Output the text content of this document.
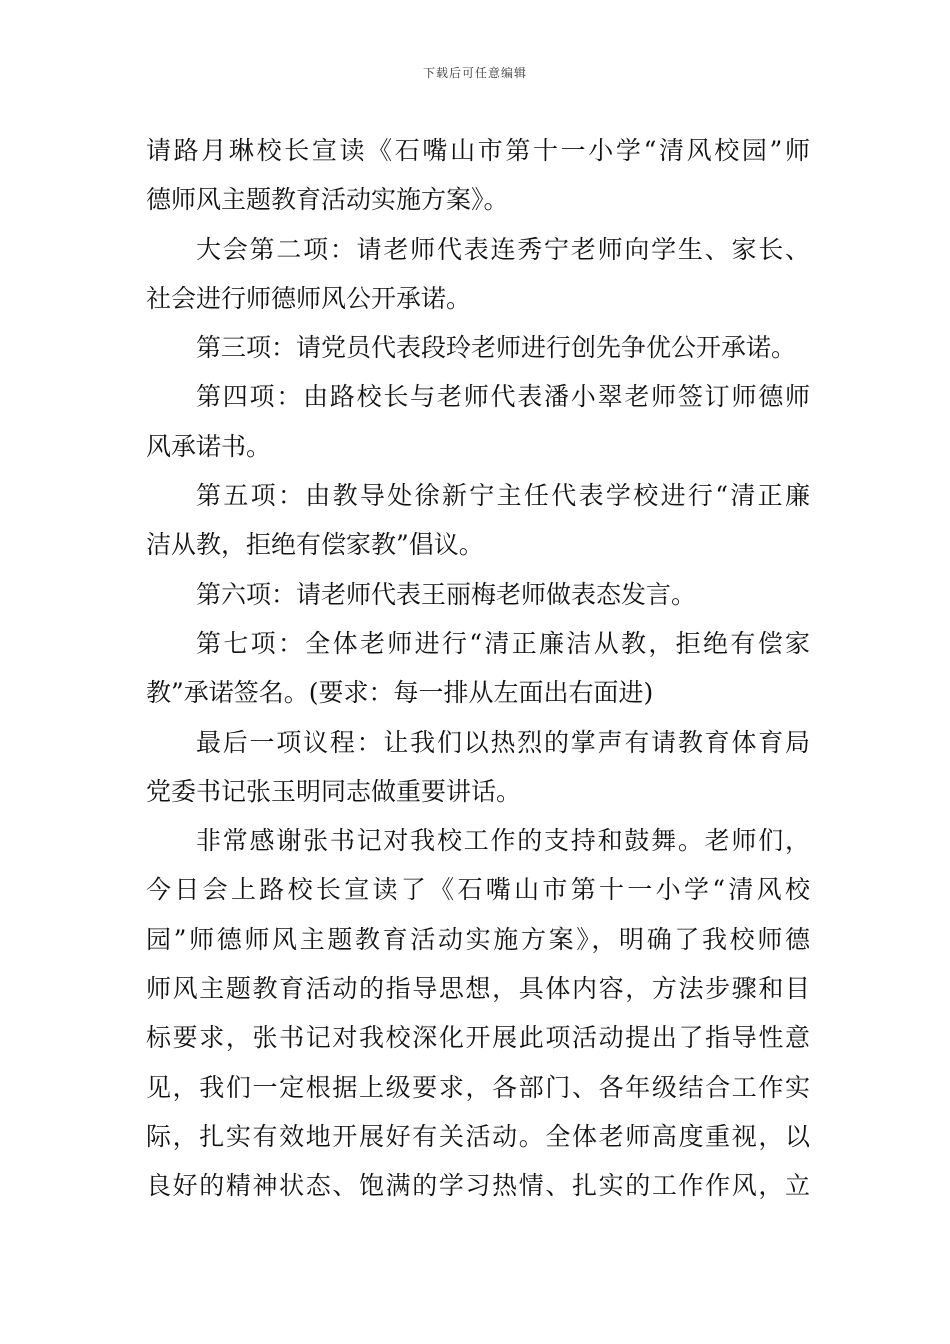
下载后可任意编辑
请路月琳校长宣读《石嘴山市第十一小学“清风校园”师
德师风主题教育活动实施方案》。
大会第二项：请老师代表连秀宁老师向学生、家长、
社会进行师德师风公开承诺。
第三项：请党员代表段玲老师进行创先争优公开承诺。
第四项：由路校长与老师代表潘小翠老师签订师德师
风承诺书。
第五项：由教导处徐新宁主任代表学校进行“清正廉
洁从教，拒绝有偿家教”倡议。
第六项：请老师代表王丽梅老师做表态发言。
第七项：全体老师进行“清正廉洁从教，拒绝有偿家
教”承诺签名。(要求：每一排从左面出右面进)
最后一项议程：让我们以热烈的掌声有请教育体育局
党委书记张玉明同志做重要讲话。
非常感谢张书记对我校工作的支持和鼓舞。老师们，
今日会上路校长宣读了《石嘴山市第十一小学“清风校
园”师德师风主题教育活动实施方案》，明确了我校师德
师风主题教育活动的指导思想，具体内容，方法步骤和目
标要求，张书记对我校深化开展此项活动提出了指导性意
见，我们一定根据上级要求，各部门、各年级结合工作实
际，扎实有效地开展好有关活动。全体老师高度重视，以
良好的精神状态、饱满的学习热情、扎实的工作作风，立
